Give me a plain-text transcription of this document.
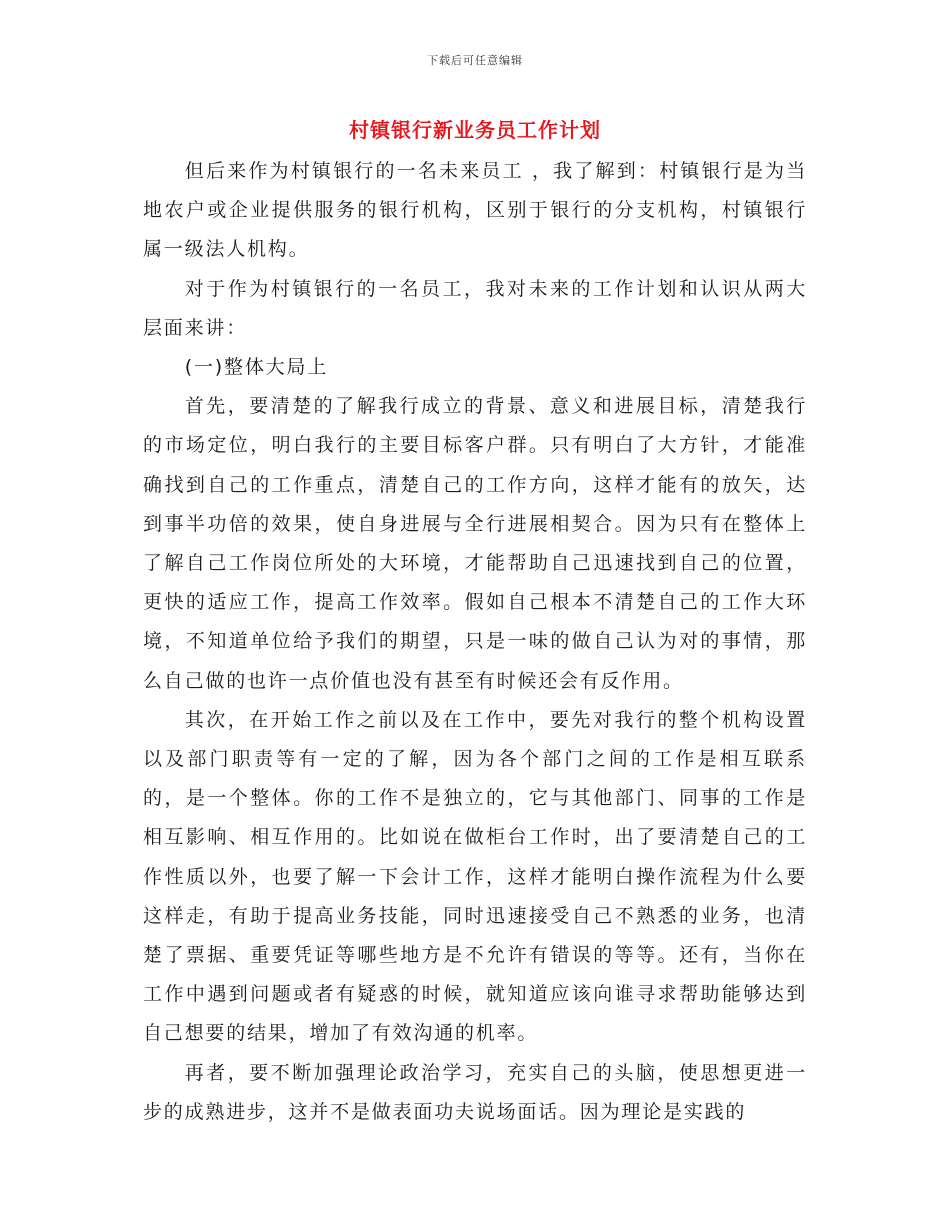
下载后可任意编辑
村镇银行新业务员工作计划

但后来作为村镇银行的一名未来员工 ，我了解到：村镇银行是为当地农户或企业提供服务的银行机构，区别于银行的分支机构，村镇银行属一级法人机构。

对于作为村镇银行的一名员工，我对未来的工作计划和认识从两大层面来讲：

(一)整体大局上

首先，要清楚的了解我行成立的背景、意义和进展目标，清楚我行的市场定位，明白我行的主要目标客户群。只有明白了大方针，才能准确找到自己的工作重点，清楚自己的工作方向，这样才能有的放矢，达到事半功倍的效果，使自身进展与全行进展相契合。因为只有在整体上了解自己工作岗位所处的大环境，才能帮助自己迅速找到自己的位置，更快的适应工作，提高工作效率。假如自己根本不清楚自己的工作大环境，不知道单位给予我们的期望，只是一味的做自己认为对的事情，那么自己做的也许一点价值也没有甚至有时候还会有反作用。

其次，在开始工作之前以及在工作中，要先对我行的整个机构设置以及部门职责等有一定的了解，因为各个部门之间的工作是相互联系的，是一个整体。你的工作不是独立的，它与其他部门、同事的工作是相互影响、相互作用的。比如说在做柜台工作时，出了要清楚自己的工作性质以外，也要了解一下会计工作，这样才能明白操作流程为什么要这样走，有助于提高业务技能，同时迅速接受自己不熟悉的业务，也清楚了票据、重要凭证等哪些地方是不允许有错误的等等。还有，当你在工作中遇到问题或者有疑惑的时候，就知道应该向谁寻求帮助能够达到自己想要的结果，增加了有效沟通的机率。

再者，要不断加强理论政治学习，充实自己的头脑，使思想更进一步的成熟进步，这并不是做表面功夫说场面话。因为理论是实践的
